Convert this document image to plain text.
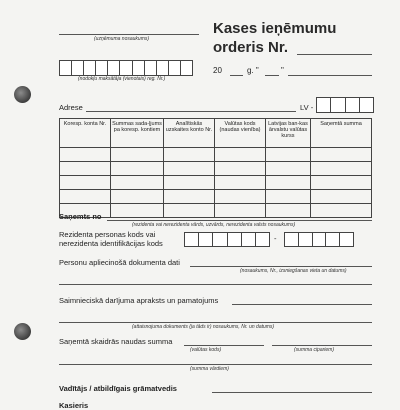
(uzņēmuma nosaukums)
(nodokļu maksātāja (vienotais) reg. Nr.)
Kases ieņēmumu
orderis Nr.
20	g. "	"
Adrese	LV -
Koresp. konta Nr.	Summas sada-ļjums pa koresp. kontiem	Analītiskās uzskaites konto Nr.	Valūtas kods (naudas vienība)	Latvijas ban-kas ārvalstu valūtas kurss	Saņemtā summa

Saņemts no
(rezidenta vai nerezidenta vārds, uzvārds, nerezidenta valsts nosaukums)
Rezidenta personas kods vai
nerezidenta identifikācijas kods
-
Personu apliecinošā dokumenta dati
(nosaukums, Nr., izsniegšanas vieta un datums)
Saimnieciskā darījuma apraksts un pamatojums
(attaisnojuma dokuments (ja tāds ir) nosaukums, Nr. un datums)
Saņemtā skaidrās naudas summa
(valūtas kods)	(summa cipariem)
(summa vārdiem)
Vadītājs / atbildīgais grāmatvedis
Kasieris
